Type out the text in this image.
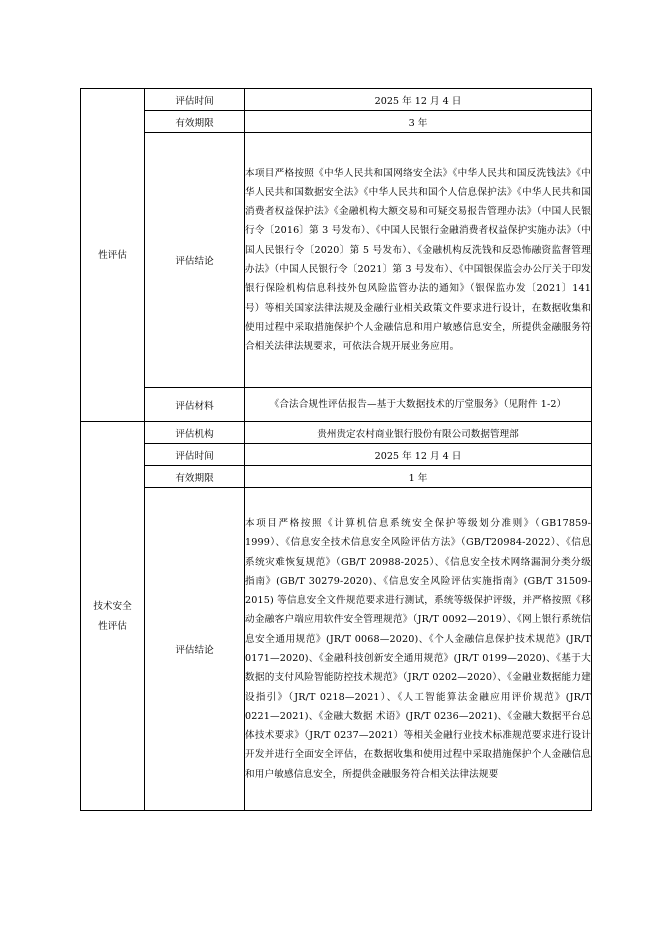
性评估	评估时间	2025 年 12 月 4 日
	有效期限	3 年
	评估结论	本项目严格按照《中华人民共和国网络安全法》《中华人民共和国反洗钱法》《中华人民共和国数据安全法》《中华人民共和国个人信息保护法》《中华人民共和国消费者权益保护法》《金融机构大额交易和可疑交易报告管理办法》（中国人民银行令〔2016〕第 3 号发布）、《中国人民银行金融消费者权益保护实施办法》（中国人民银行令〔2020〕第 5 号发布）、《金融机构反洗钱和反恐怖融资监督管理办法》（中国人民银行令〔2021〕第 3 号发布）、《中国银保监会办公厅关于印发银行保险机构信息科技外包风险监管办法的通知》（银保监办发〔2021〕141 号）等相关国家法律法规及金融行业相关政策文件要求进行设计，在数据收集和使用过程中采取措施保护个人金融信息和用户敏感信息安全，所提供金融服务符合相关法律法规要求，可依法合规开展业务应用。
	评估材料	《合法合规性评估报告—基于大数据技术的厅堂服务》（见附件 1-2）
技术安全性评估	评估机构	贵州贵定农村商业银行股份有限公司数据管理部
	评估时间	2025 年 12 月 4 日
	有效期限	1 年
	评估结论	本项目严格按照《计算机信息系统安全保护等级划分准则》（GB17859-1999）、《信息安全技术信息安全风险评估方法》（GB/T20984-2022）、《信息系统灾难恢复规范》（GB/T 20988-2025）、《信息安全技术网络漏洞分类分级指南》(GB/T 30279-2020)、《信息安全风险评估实施指南》(GB/T 31509-2015) 等信息安全文件规范要求进行测试，系统等级保护评级，并严格按照《移动金融客户端应用软件安全管理规范》（JR/T 0092—2019）、《网上银行系统信息安全通用规范》(JR/T 0068—2020)、《个人金融信息保护技术规范》(JR/T 0171—2020)、《金融科技创新安全通用规范》(JR/T 0199—2020)、《基于大数据的支付风险智能防控技术规范》（JR/T 0202—2020）、《金融业数据能力建设指引》（JR/T 0218—2021）、《人工智能算法金融应用评价规范》(JR/T 0221—2021)、《金融大数据 术语》(JR/T 0236—2021)、《金融大数据平台总体技术要求》（JR/T 0237—2021）等相关金融行业技术标准规范要求进行设计开发并进行全面安全评估，在数据收集和使用过程中采取措施保护个人金融信息和用户敏感信息安全，所提供金融服务符合相关法律法规要
